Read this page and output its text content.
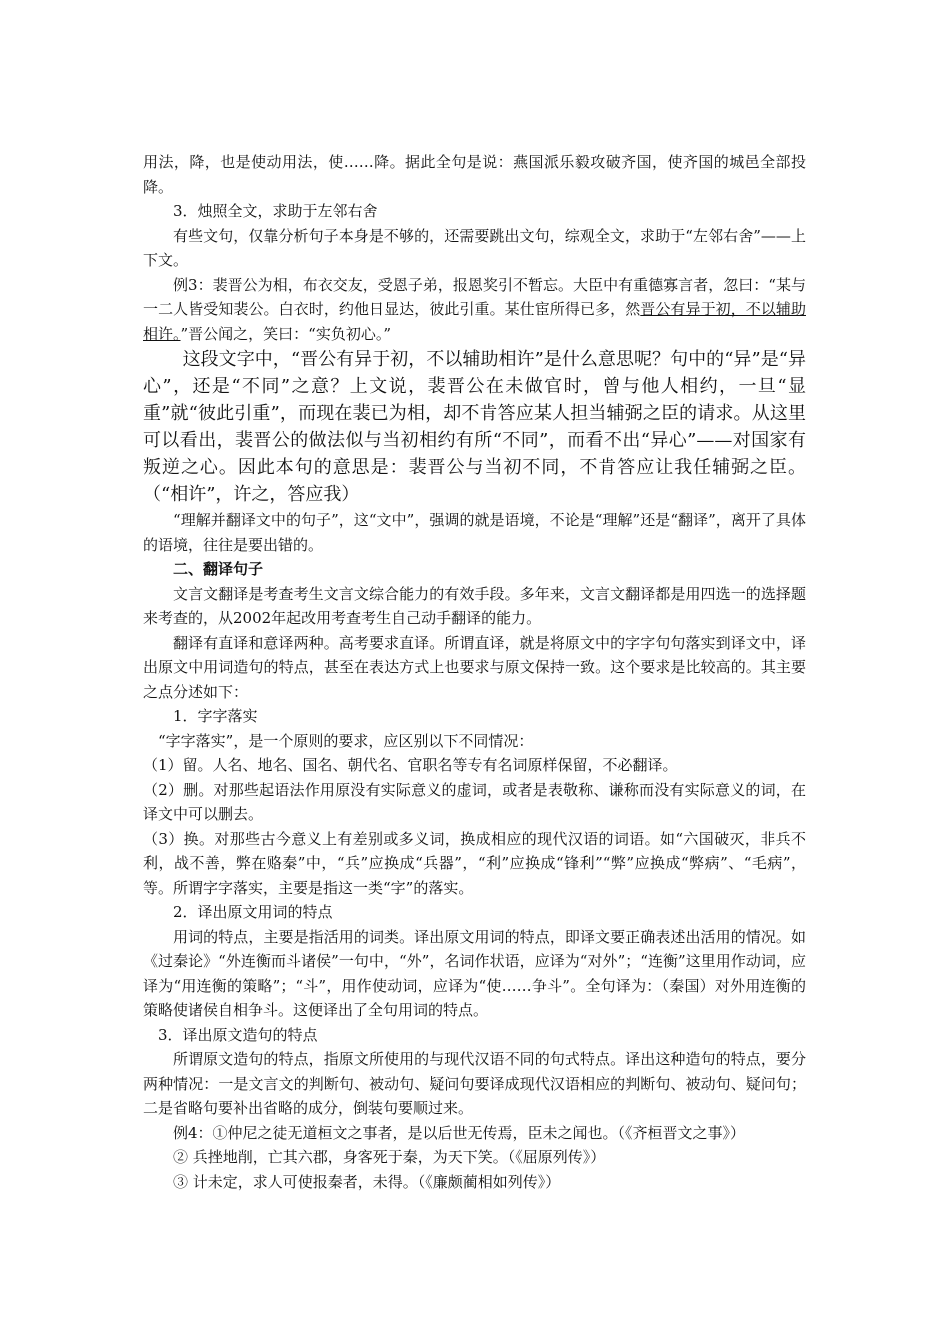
用法，降，也是使动用法，使……降。据此全句是说：燕国派乐毅攻破齐国，使齐国的城邑全部投降。

3．烛照全文，求助于左邻右舍

有些文句，仅靠分析句子本身是不够的，还需要跳出文句，综观全文，求助于“左邻右舍”——上下文。

例3：裴晋公为相，布衣交友，受恩子弟，报恩奖引不暂忘。大臣中有重德寡言者，忽曰：“某与一二人皆受知裴公。白衣时，约他日显达，彼此引重。某仕宦所得已多，然晋公有异于初，不以辅助相许。”晋公闻之，笑曰：“实负初心。”

这段文字中，“晋公有异于初，不以辅助相许”是什么意思呢？句中的“异”是“异心”，还是“不同”之意？上文说，裴晋公在未做官时，曾与他人相约，一旦“显重”就“彼此引重”，而现在裴已为相，却不肯答应某人担当辅弼之臣的请求。从这里可以看出，裴晋公的做法似与当初相约有所“不同”，而看不出“异心”——对国家有叛逆之心。因此本句的意思是：裴晋公与当初不同，不肯答应让我任辅弼之臣。（“相许”，许之，答应我）

“理解并翻译文中的句子”，这“文中”，强调的就是语境，不论是“理解”还是“翻译”，离开了具体的语境，往往是要出错的。

二、翻译句子

文言文翻译是考查考生文言文综合能力的有效手段。多年来，文言文翻译都是用四选一的选择题来考查的，从2002年起改用考查考生自己动手翻译的能力。

翻译有直译和意译两种。高考要求直译。所谓直译，就是将原文中的字字句句落实到译文中，译出原文中用词造句的特点，甚至在表达方式上也要求与原文保持一致。这个要求是比较高的。其主要之点分述如下：

1．字字落实

“字字落实”，是一个原则的要求，应区别以下不同情况：

（1）留。人名、地名、国名、朝代名、官职名等专有名词原样保留，不必翻译。

（2）删。对那些起语法作用原没有实际意义的虚词，或者是表敬称、谦称而没有实际意义的词，在译文中可以删去。

（3）换。对那些古今意义上有差别或多义词，换成相应的现代汉语的词语。如“六国破灭，非兵不利，战不善，弊在赂秦”中，“兵”应换成“兵器”，“利”应换成“锋利”“弊”应换成“弊病”、“毛病”，等。所谓字字落实，主要是指这一类“字”的落实。

2．译出原文用词的特点

用词的特点，主要是指活用的词类。译出原文用词的特点，即译文要正确表述出活用的情况。如《过秦论》“外连衡而斗诸侯”一句中，“外”，名词作状语，应译为“对外”；“连衡”这里用作动词，应译为“用连衡的策略”；“斗”，用作使动词，应译为“使……争斗”。全句译为：（秦国）对外用连衡的策略使诸侯自相争斗。这便译出了全句用词的特点。

3．译出原文造句的特点

所谓原文造句的特点，指原文所使用的与现代汉语不同的句式特点。译出这种造句的特点，要分两种情况：一是文言文的判断句、被动句、疑问句要译成现代汉语相应的判断句、被动句、疑问句；二是省略句要补出省略的成分，倒装句要顺过来。

例4：①仲尼之徒无道桓文之事者，是以后世无传焉，臣未之闻也。（《齐桓晋文之事》）

② 兵挫地削，亡其六郡，身客死于秦，为天下笑。（《屈原列传》）

③ 计未定，求人可使报秦者，未得。（《廉颇蔺相如列传》）
